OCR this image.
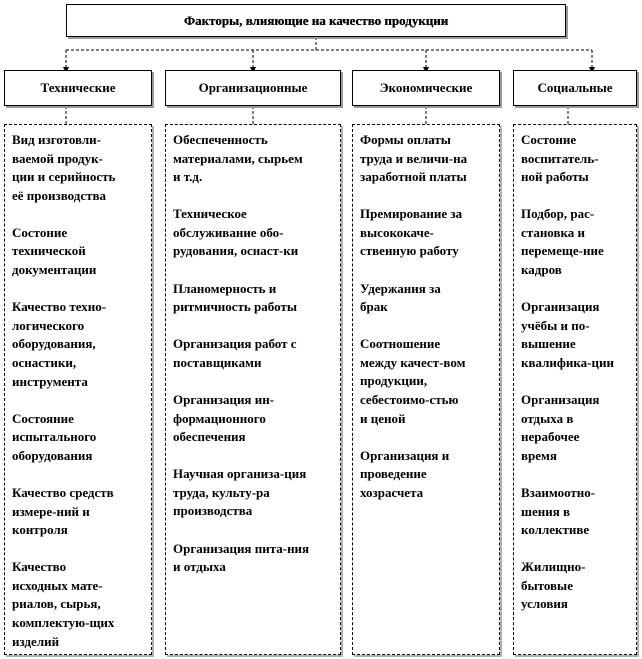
Факторы, влияющие на качество продукции
Технические	Организационные	Экономические	Социальные
Вид изготовли-
ваемой продук-
ции и серийность
её производства
Состоние
технической
документации
Качество техно-
логического
оборудования,
оснастики,
инструмента
Состояние
испытального
оборудования
Качество средств
измере-ний и
контроля
Качество
исходных мате-
риалов, сырья,
комплектую-щих
изделий
Обеспеченность
материалами, сырьем
и т.д.
Техническое
обслуживание обо-
рудования, оснаст-ки
Планомерность и
ритмичность работы
Организация работ с
поставщиками
Организация ин-
формационного
обеспечения
Научная организа-ция
труда, культу-ра
производства
Организация пита-ния
и отдыха
Формы оплаты
труда и величи-на
заработной платы
Премирование за
высококаче-
ственную работу
Удержания за
брак
Соотношение
между качест-вом
продукции,
себестоимо-стью
и ценой
Организация и
проведение
хозрасчета
Состоние
воспитатель-
ной работы
Подбор, рас-
становка и
перемеще-ние
кадров
Организация
учёбы и по-
вышение
квалифика-ции
Организация
отдыха в
нерабочее
время
Взаимоотно-
шения в
коллективе
Жилищно-
бытовые
условия
